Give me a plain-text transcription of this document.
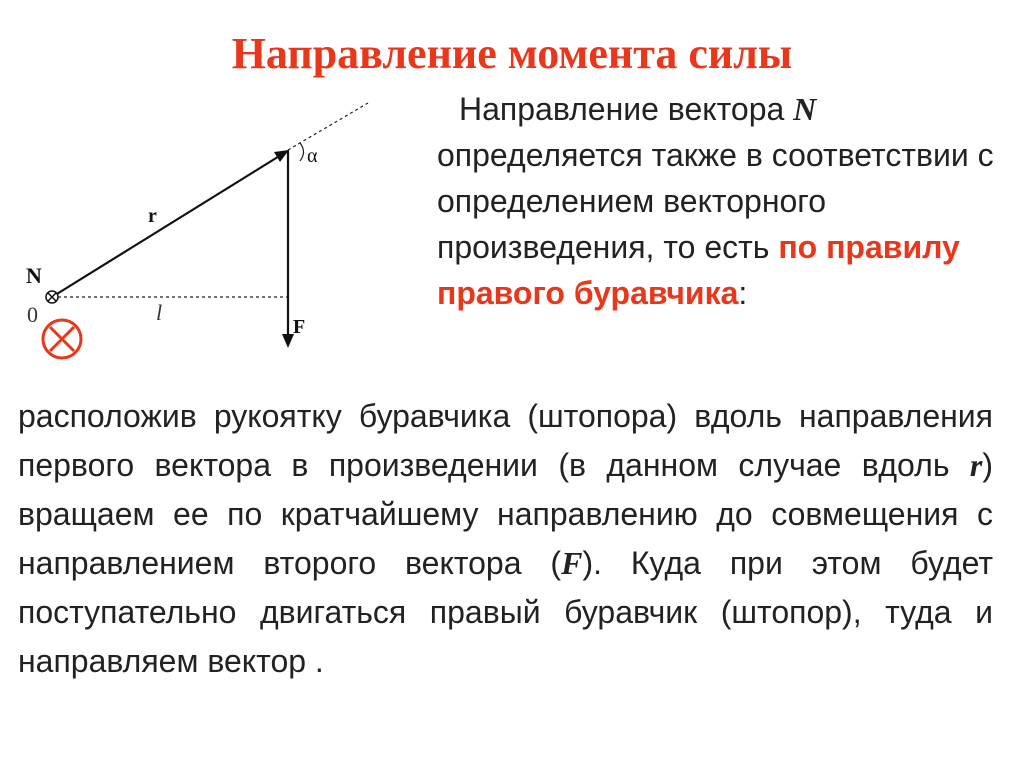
Направление момента силы
r
N
0	l
F
α
Направление вектора N определяется также в соответствии с определением векторного произведения, то есть по правилу правого буравчика:
расположив рукоятку буравчика (штопора) вдоль направления первого вектора в произведении (в данном случае вдоль r) вращаем ее по кратчайшему направлению до совмещения с направлением второго вектора (F). Куда при этом будет поступательно двигаться правый буравчик (штопор), туда и направляем вектор .
